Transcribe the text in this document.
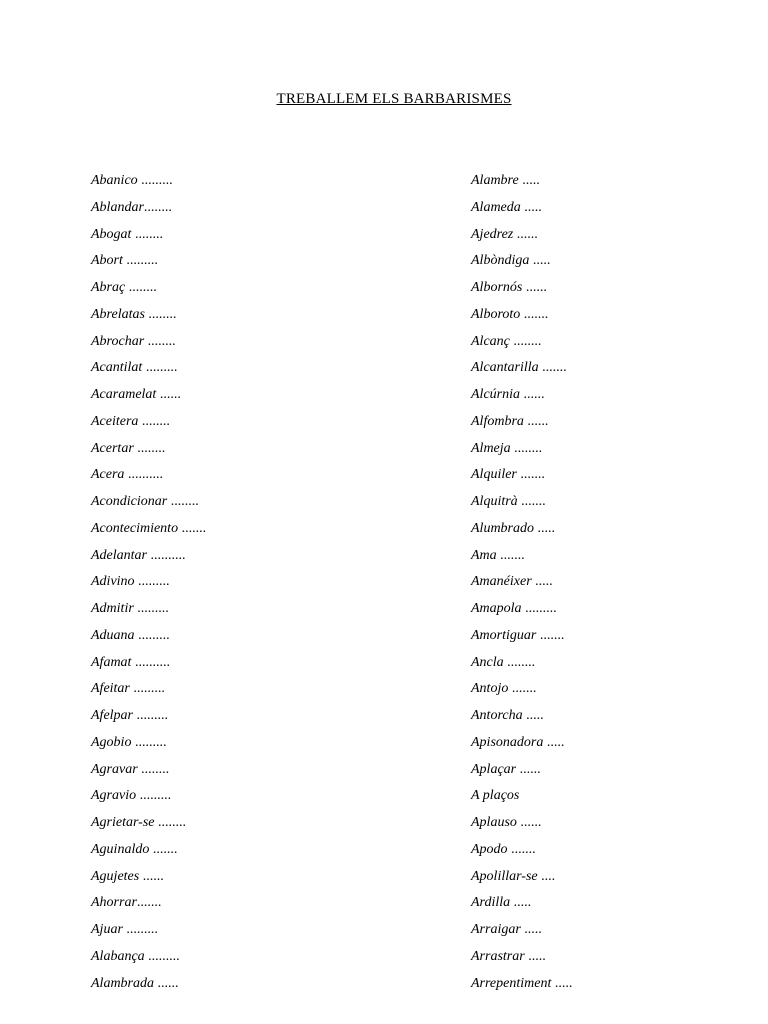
TREBALLEM ELS BARBARISMES
Abanico .........
Ablandar........
Abogat ........
Abort .........
Abraç ........
Abrelatas ........
Abrochar ........
Acantilat .........
Acaramelat ......
Aceitera ........
Acertar ........
Acera ..........
Acondicionar ........
Acontecimiento .......
Adelantar ..........
Adivino .........
Admitir .........
Aduana .........
Afamat ..........
Afeitar .........
Afelpar .........
Agobio .........
Agravar ........
Agravio .........
Agrietar-se ........
Aguinaldo .......
Agujetes ......
Ahorrar.......
Ajuar .........
Alabança .........
Alambrada ......
Alambre .....
Alameda .....
Ajedrez ......
Albòndiga .....
Albornós ......
Alboroto .......
Alcanç ........
Alcantarilla .......
Alcúrnia ......
Alfombra ......
Almeja ........
Alquiler .......
Alquitrà .......
Alumbrado .....
Ama .......
Amanéixer .....
Amapola .........
Amortiguar .......
Ancla ........
Antojo .......
Antorcha .....
Apisonadora .....
Aplaçar ......
A plaços
Aplauso ......
Apodo .......
Apolillar-se ....
Ardilla .....
Arraigar .....
Arrastrar .....
Arrepentiment .....
